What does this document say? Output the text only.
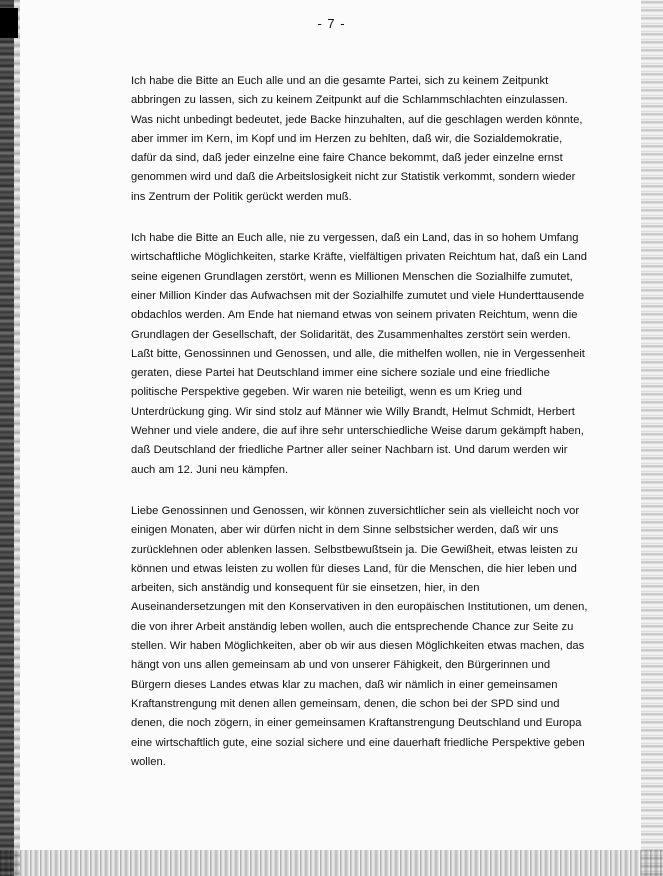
- 7 -

Ich habe die Bitte an Euch alle und an die gesamte Partei, sich zu keinem Zeitpunkt abbringen zu lassen, sich zu keinem Zeitpunkt auf die Schlammschlachten einzulassen. Was nicht unbedingt bedeutet, jede Backe hinzuhalten, auf die geschlagen werden könnte, aber immer im Kern, im Kopf und im Herzen zu behlten, daß wir, die Sozialdemokratie, dafür da sind, daß jeder einzelne eine faire Chance bekommt, daß jeder einzelne ernst genommen wird und daß die Arbeitslosigkeit nicht zur Statistik verkommt, sondern wieder ins Zentrum der Politik gerückt werden muß.

Ich habe die Bitte an Euch alle, nie zu vergessen, daß ein Land, das in so hohem Umfang wirtschaftliche Möglichkeiten, starke Kräfte, vielfältigen privaten Reichtum hat, daß ein Land seine eigenen Grundlagen zerstört, wenn es Millionen Menschen die Sozialhilfe zumutet, einer Million Kinder das Aufwachsen mit der Sozialhilfe zumutet und viele Hunderttausende obdachlos werden. Am Ende hat niemand etwas von seinem privaten Reichtum, wenn die Grundlagen der Gesellschaft, der Solidarität, des Zusammenhaltes zerstört sein werden. Laßt bitte, Genossinnen und Genossen, und alle, die mithelfen wollen, nie in Vergessenheit geraten, diese Partei hat Deutschland immer eine sichere soziale und eine friedliche politische Perspektive gegeben. Wir waren nie beteiligt, wenn es um Krieg und Unterdrückung ging. Wir sind stolz auf Männer wie Willy Brandt, Helmut Schmidt, Herbert Wehner und viele andere, die auf ihre sehr unterschiedliche Weise darum gekämpft haben, daß Deutschland der friedliche Partner aller seiner Nachbarn ist. Und darum werden wir auch am 12. Juni neu kämpfen.

Liebe Genossinnen und Genossen, wir können zuversichtlicher sein als vielleicht noch vor einigen Monaten, aber wir dürfen nicht in dem Sinne selbstsicher werden, daß wir uns zurücklehnen oder ablenken lassen. Selbstbewußtsein ja. Die Gewißheit, etwas leisten zu können und etwas leisten zu wollen für dieses Land, für die Menschen, die hier leben und arbeiten, sich anständig und konsequent für sie einsetzen, hier, in den Auseinandersetzungen mit den Konservativen in den europäischen Institutionen, um denen, die von ihrer Arbeit anständig leben wollen, auch die entsprechende Chance zur Seite zu stellen. Wir haben Möglichkeiten, aber ob wir aus diesen Möglichkeiten etwas machen, das hängt von uns allen gemeinsam ab und von unserer Fähigkeit, den Bürgerinnen und Bürgern dieses Landes etwas klar zu machen, daß wir nämlich in einer gemeinsamen Kraftanstrengung mit denen allen gemeinsam, denen, die schon bei der SPD sind und denen, die noch zögern, in einer gemeinsamen Kraftanstrengung Deutschland und Europa eine wirtschaftlich gute, eine sozial sichere und eine dauerhaft friedliche Perspektive geben wollen.
